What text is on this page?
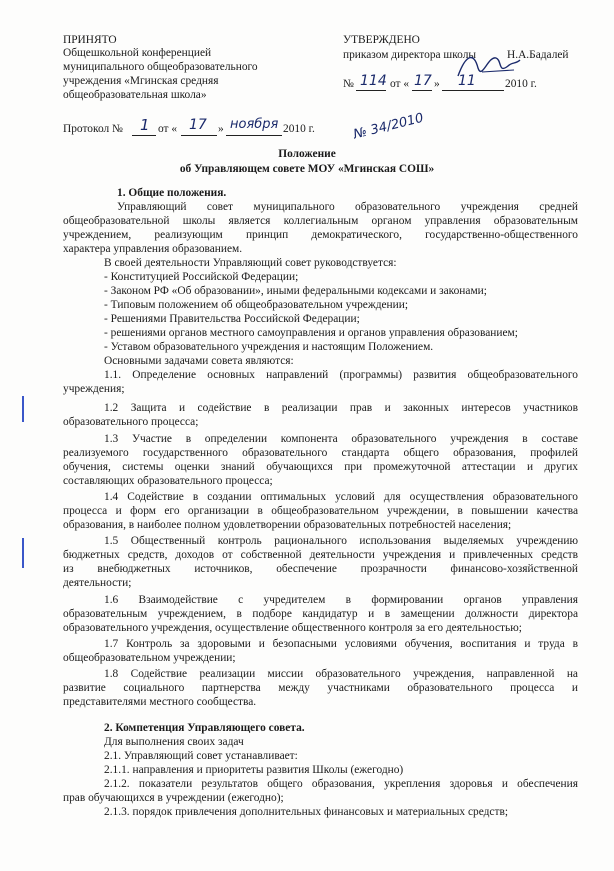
ПРИНЯТО
Общешкольной конференцией
муниципального общеобразовательного
учреждения «Мгинская средняя
общеобразовательная школа»
УТВЕРЖДЕНО
приказом директора школы	Н.А.Бадалей
№ 114 от « 17 » 11	2010 г.
Протокол № 1 от « 17 » ноября 2010 г.	№ 34/2010
Положение
об Управляющем совете МОУ «Мгинская СОШ»
1. Общие положения.
Управляющий совет муниципального образовательного учреждения средней
общеобразовательной школы является коллегиальным органом управления образовательным
учреждением, реализующим принцип демократического, государственно-общественного
характера управления образованием.
В своей деятельности Управляющий совет руководствуется:
- Конституцией Российской Федерации;
- Законом РФ «Об образовании», иными федеральными кодексами и законами;
- Типовым положением об общеобразовательном учреждении;
- Решениями Правительства Российской Федерации;
- решениями органов местного самоуправления и органов управления образованием;
- Уставом образовательного учреждения и настоящим Положением.
Основными задачами совета являются:
1.1. Определение основных направлений (программы) развития общеобразовательного
учреждения;
1.2 Защита и содействие в реализации прав и законных интересов участников
образовательного процесса;
1.3 Участие в определении компонента образовательного учреждения в составе
реализуемого государственного образовательного стандарта общего образования, профилей
обучения, системы оценки знаний обучающихся при промежуточной аттестации и других
составляющих образовательного процесса;
1.4 Содействие в создании оптимальных условий для осуществления образовательного
процесса и форм его организации в общеобразовательном учреждении, в повышении качества
образования, в наиболее полном удовлетворении образовательных потребностей населения;
1.5 Общественный контроль рационального использования выделяемых учреждению
бюджетных средств, доходов от собственной деятельности учреждения и привлеченных средств
из внебюджетных источников, обеспечение прозрачности финансово-хозяйственной
деятельности;
1.6 Взаимодействие с учредителем в формировании органов управления
образовательным учреждением, в подборе кандидатур и в замещении должности директора
образовательного учреждения, осуществление общественного контроля за его деятельностью;
1.7 Контроль за здоровыми и безопасными условиями обучения, воспитания и труда в
общеобразовательном учреждении;
1.8 Содействие реализации миссии образовательного учреждения, направленной на
развитие социального партнерства между участниками образовательного процесса и
представителями местного сообщества.
2. Компетенция Управляющего совета.
Для выполнения своих задач
2.1. Управляющий совет устанавливает:
2.1.1. направления и приоритеты развития Школы (ежегодно)
2.1.2. показатели результатов общего образования, укрепления здоровья и обеспечения
прав обучающихся в учреждении (ежегодно);
2.1.3. порядок привлечения дополнительных финансовых и материальных средств;
